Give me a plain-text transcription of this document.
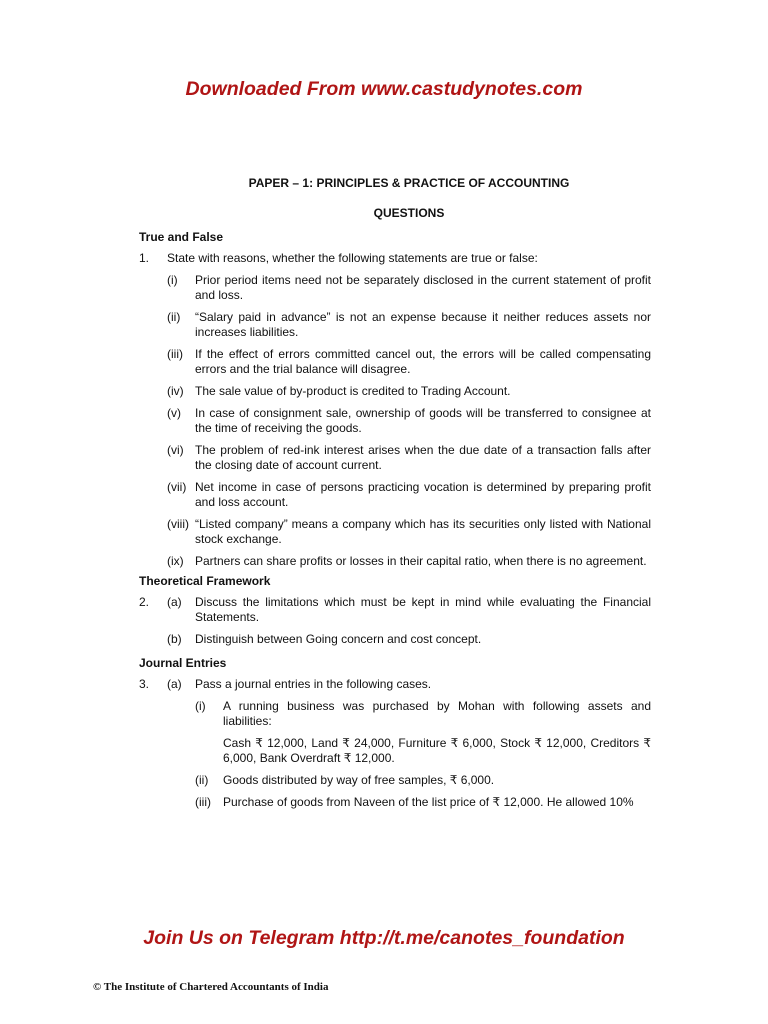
Downloaded From www.castudynotes.com
PAPER – 1: PRINCIPLES & PRACTICE OF ACCOUNTING
QUESTIONS
True and False
1.	State with reasons, whether the following statements are true or false:
(i)	Prior period items need not be separately disclosed in the current statement of profit and loss.
(ii)	“Salary paid in advance” is not an expense because it neither reduces assets nor increases liabilities.
(iii)	If the effect of errors committed cancel out, the errors will be called compensating errors and the trial balance will disagree.
(iv) The sale value of by-product is credited to Trading Account.
(v)	In case of consignment sale, ownership of goods will be transferred to consignee at the time of receiving the goods.
(vi) The problem of red-ink interest arises when the due date of a transaction falls after the closing date of account current.
(vii) Net income in case of persons practicing vocation is determined by preparing profit and loss account.
(viii) “Listed company” means a company which has its securities only listed with National stock exchange.
(ix) Partners can share profits or losses in their capital ratio, when there is no agreement.
Theoretical Framework
2.	(a)	Discuss the limitations which must be kept in mind while evaluating the Financial Statements.
(b)	Distinguish between Going concern and cost concept.
Journal Entries
3.	(a)	Pass a journal entries in the following cases.
(i)	A running business was purchased by Mohan with following assets and liabilities:
Cash ₹ 12,000, Land ₹ 24,000, Furniture ₹ 6,000, Stock ₹ 12,000, Creditors ₹ 6,000, Bank Overdraft ₹ 12,000.
(ii)	Goods distributed by way of free samples, ₹ 6,000.
(iii)	Purchase of goods from Naveen of the list price of ₹ 12,000. He allowed 10%
Join Us on Telegram http://t.me/canotes_foundation
© The Institute of Chartered Accountants of India
